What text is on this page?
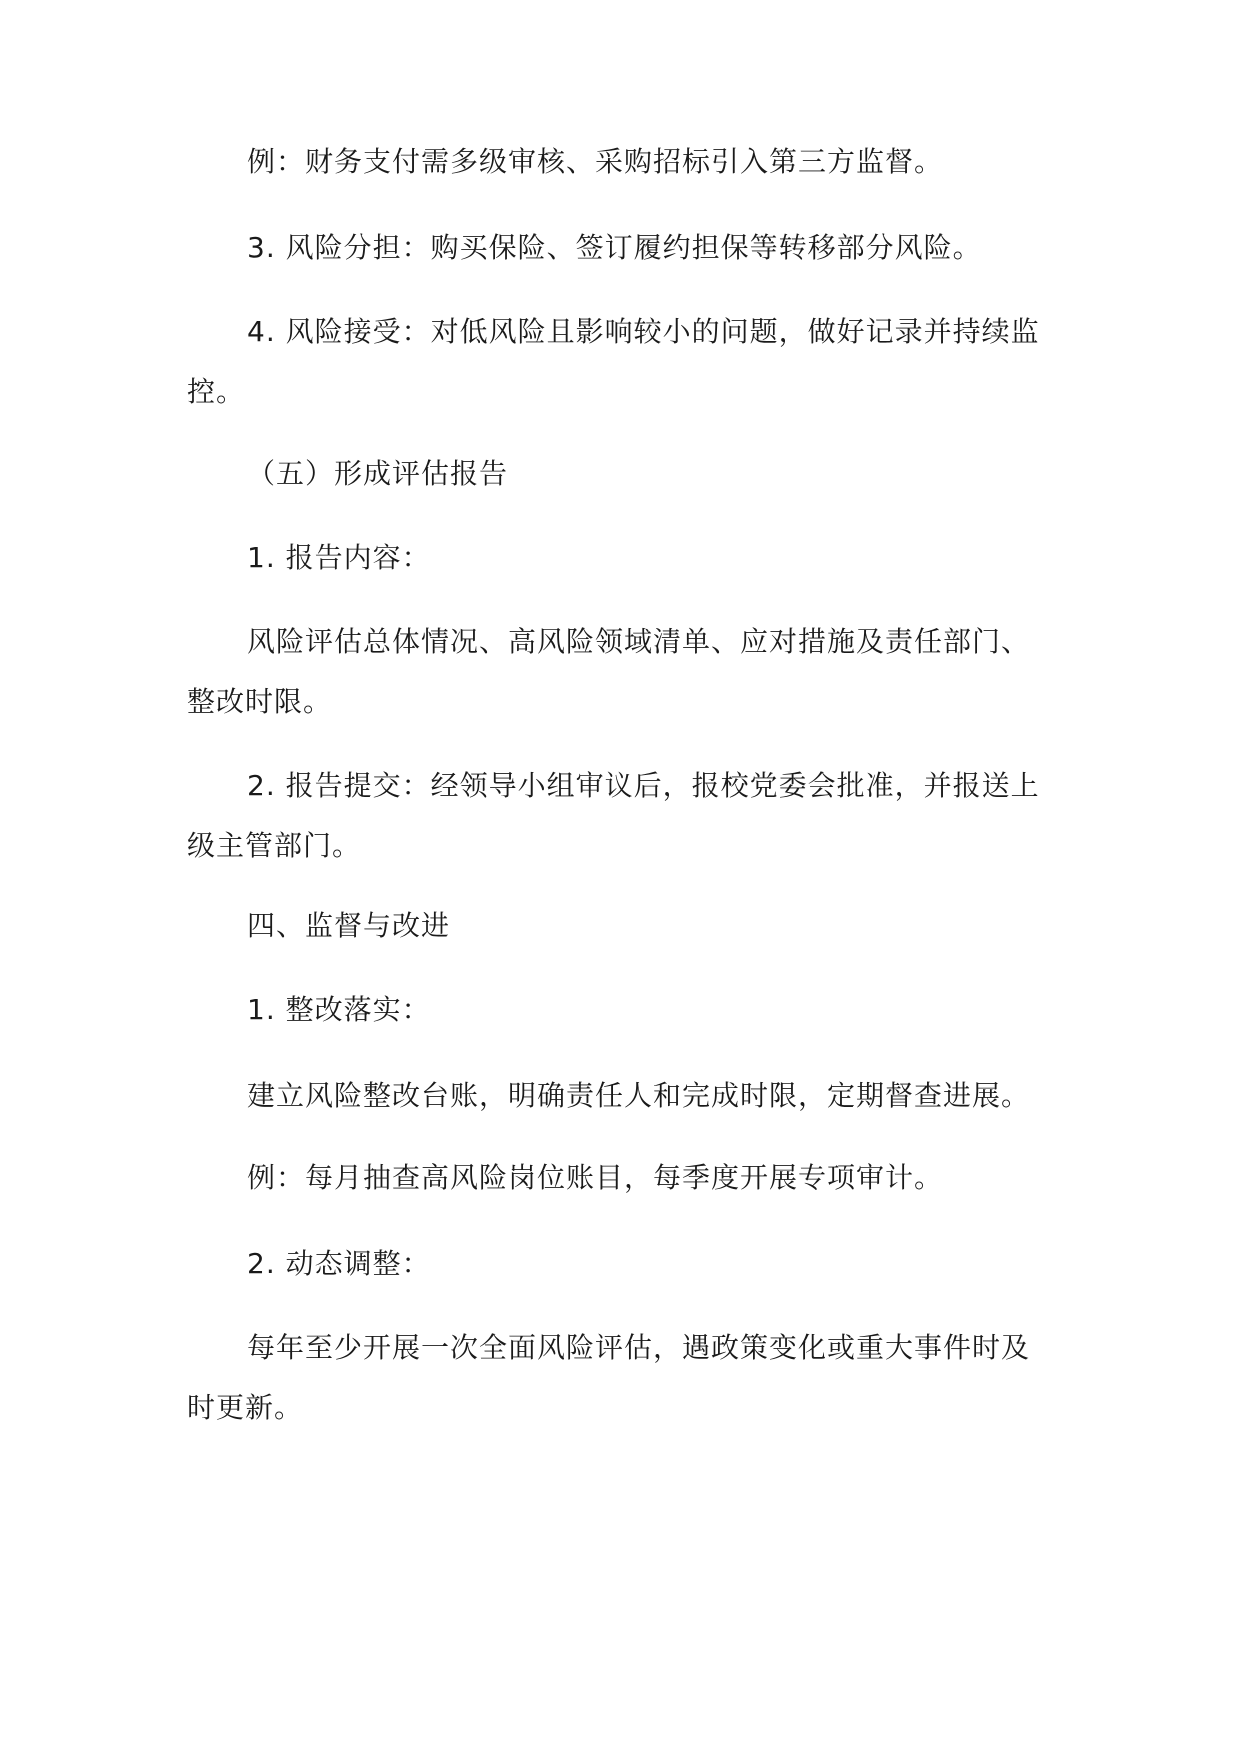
例：财务支付需多级审核、采购招标引入第三方监督。

3. 风险分担：购买保险、签订履约担保等转移部分风险。

4. 风险接受：对低风险且影响较小的问题，做好记录并持续监控。

（五）形成评估报告

1. 报告内容：

风险评估总体情况、高风险领域清单、应对措施及责任部门、整改时限。

2. 报告提交：经领导小组审议后，报校党委会批准，并报送上级主管部门。

四、监督与改进

1. 整改落实：

建立风险整改台账，明确责任人和完成时限，定期督查进展。

例：每月抽查高风险岗位账目，每季度开展专项审计。

2. 动态调整：

每年至少开展一次全面风险评估，遇政策变化或重大事件时及时更新。
